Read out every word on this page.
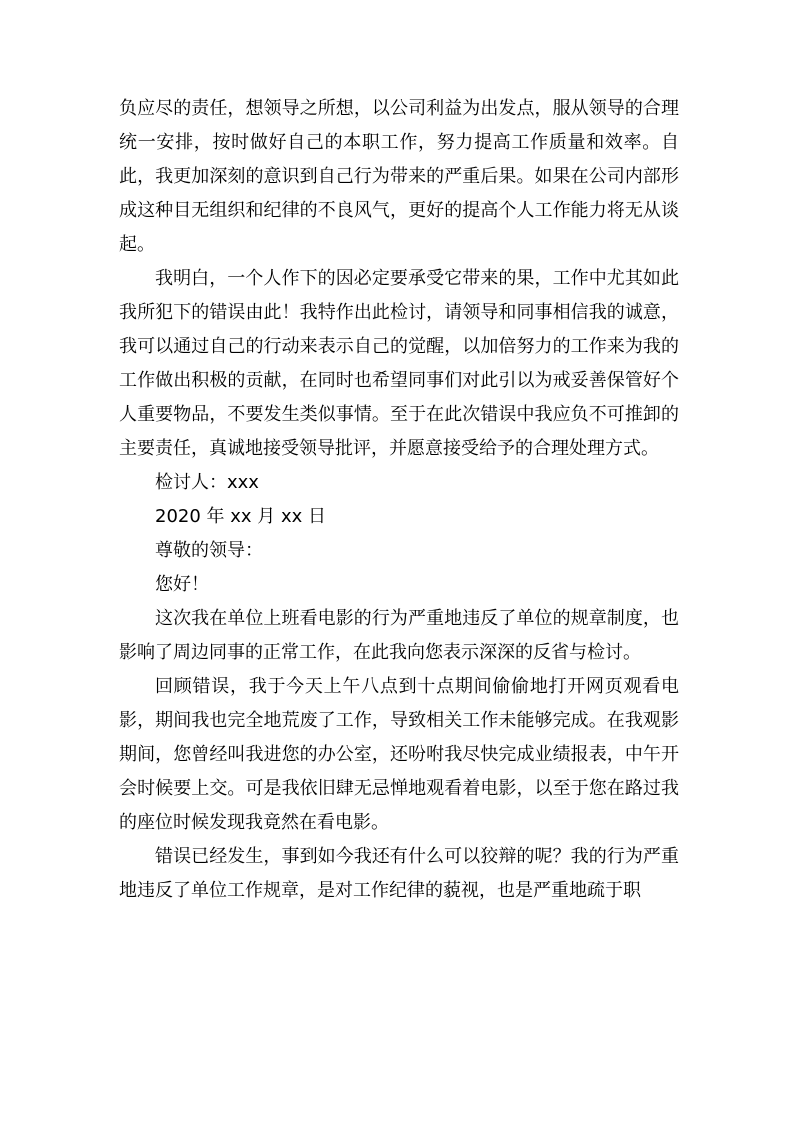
负应尽的责任，想领导之所想，以公司利益为出发点，服从领导的合理统一安排，按时做好自己的本职工作，努力提高工作质量和效率。自此，我更加深刻的意识到自己行为带来的严重后果。如果在公司内部形成这种目无组织和纪律的不良风气，更好的提高个人工作能力将无从谈起。

我明白，一个人作下的因必定要承受它带来的果，工作中尤其如此我所犯下的错误由此！我特作出此检讨，请领导和同事相信我的诚意，我可以通过自己的行动来表示自己的觉醒，以加倍努力的工作来为我的工作做出积极的贡献，在同时也希望同事们对此引以为戒妥善保管好个人重要物品，不要发生类似事情。至于在此次错误中我应负不可推卸的主要责任，真诚地接受领导批评，并愿意接受给予的合理处理方式。

检讨人：xxx

2020 年 xx 月 xx 日

尊敬的领导：

您好！

这次我在单位上班看电影的行为严重地违反了单位的规章制度，也影响了周边同事的正常工作，在此我向您表示深深的反省与检讨。

回顾错误，我于今天上午八点到十点期间偷偷地打开网页观看电影，期间我也完全地荒废了工作，导致相关工作未能够完成。在我观影期间，您曾经叫我进您的办公室，还吩咐我尽快完成业绩报表，中午开会时候要上交。可是我依旧肆无忌惮地观看着电影，以至于您在路过我的座位时候发现我竟然在看电影。

错误已经发生，事到如今我还有什么可以狡辩的呢？我的行为严重地违反了单位工作规章，是对工作纪律的藐视，也是严重地疏于职
